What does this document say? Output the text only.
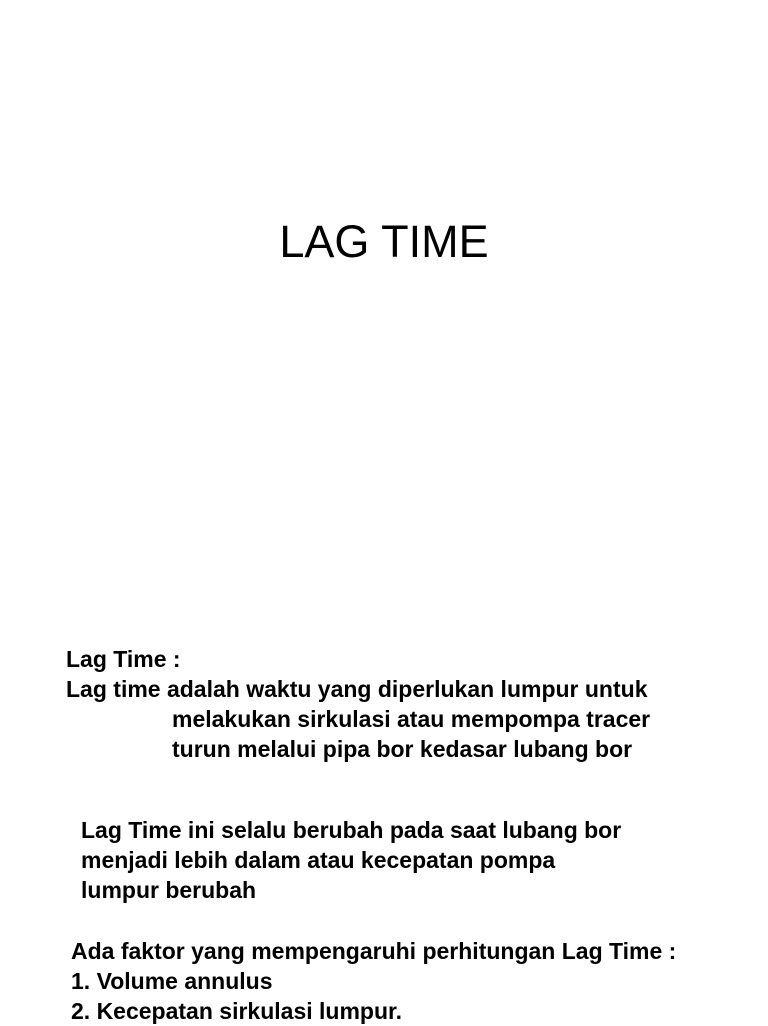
LAG TIME
Lag Time :
Lag time adalah waktu yang diperlukan lumpur untuk
melakukan sirkulasi atau mempompa tracer
turun melalui pipa bor kedasar lubang bor
Lag Time ini selalu berubah pada saat lubang bor
menjadi lebih dalam atau kecepatan pompa
lumpur berubah
Ada faktor yang mempengaruhi perhitungan Lag Time :
1. Volume annulus
2. Kecepatan sirkulasi lumpur.
